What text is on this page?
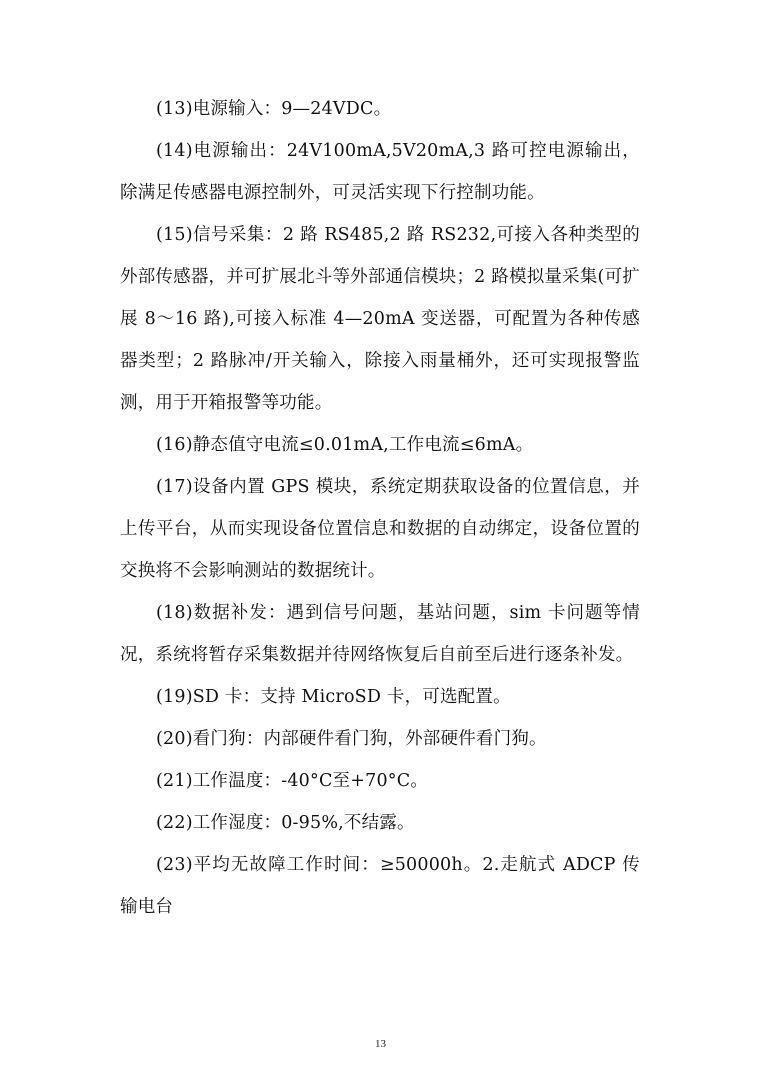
(13)电源输入：9—24VDC。

(14)电源输出：24V100mA,5V20mA,3 路可控电源输出，除满足传感器电源控制外，可灵活实现下行控制功能。

(15)信号采集：2 路 RS485,2 路 RS232,可接入各种类型的外部传感器，并可扩展北斗等外部通信模块；2 路模拟量采集(可扩展 8～16 路),可接入标准 4—20mA 变送器，可配置为各种传感器类型；2 路脉冲/开关输入，除接入雨量桶外，还可实现报警监测，用于开箱报警等功能。

(16)静态值守电流≤0.01mA,工作电流≤6mA。

(17)设备内置 GPS 模块，系统定期获取设备的位置信息，并上传平台，从而实现设备位置信息和数据的自动绑定，设备位置的交换将不会影响测站的数据统计。

(18)数据补发：遇到信号问题，基站问题，sim 卡问题等情况，系统将暂存采集数据并待网络恢复后自前至后进行逐条补发。

(19)SD 卡：支持 MicroSD 卡，可选配置。

(20)看门狗：内部硬件看门狗，外部硬件看门狗。

(21)工作温度：-40°C至+70°C。

(22)工作湿度：0-95%,不结露。

(23)平均无故障工作时间：≥50000h。2.走航式 ADCP 传输电台

13
